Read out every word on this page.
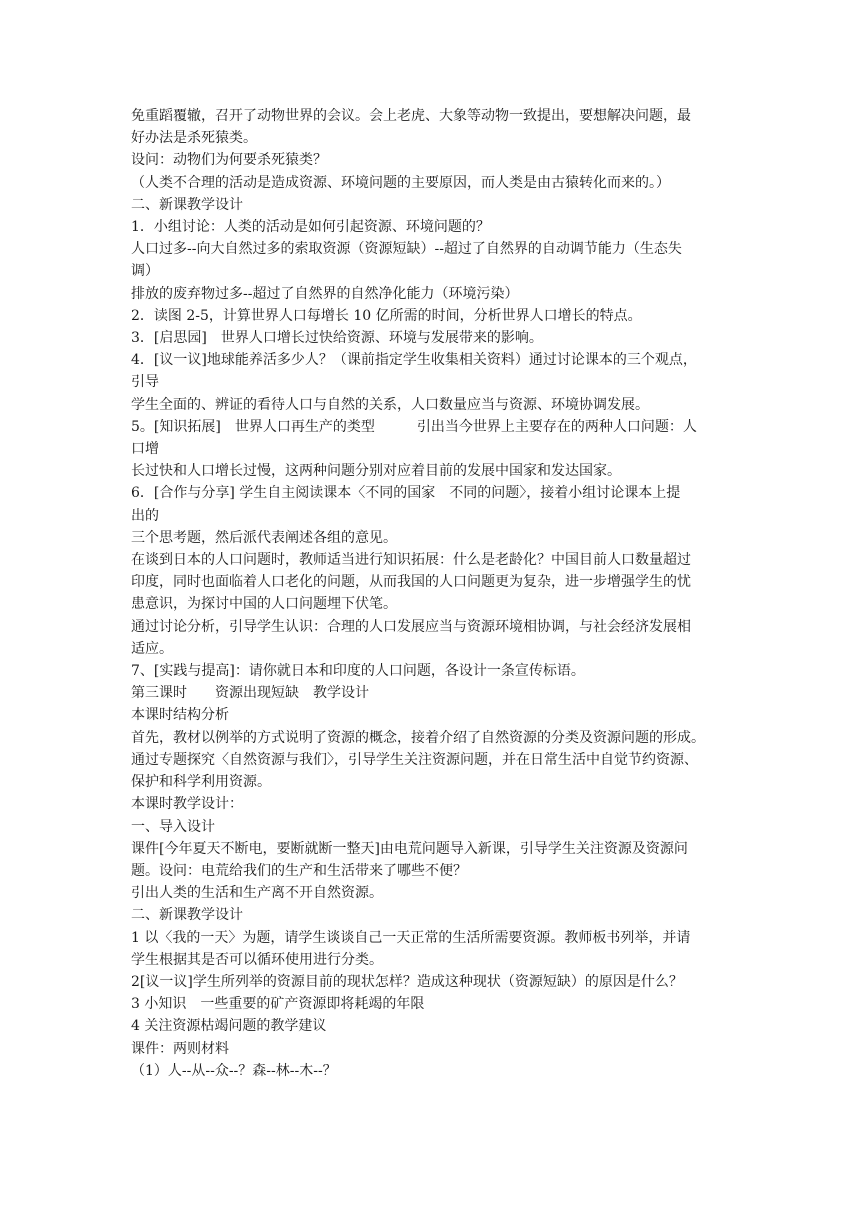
免重蹈覆辙，召开了动物世界的会议。会上老虎、大象等动物一致提出，要想解决问题，最

好办法是杀死猿类。

设问：动物们为何要杀死猿类？

（人类不合理的活动是造成资源、环境问题的主要原因，而人类是由古猿转化而来的。）

二、新课教学设计

1．小组讨论：人类的活动是如何引起资源、环境问题的？

人口过多--向大自然过多的索取资源（资源短缺）--超过了自然界的自动调节能力（生态失

调）

排放的废弃物过多--超过了自然界的自然净化能力（环境污染）

2．读图 2-5，计算世界人口每增长 10 亿所需的时间，分析世界人口增长的特点。

3．[启思园]　世界人口增长过快给资源、环境与发展带来的影响。

4．[议一议]地球能养活多少人？（课前指定学生收集相关资料）通过讨论课本的三个观点，

引导

学生全面的、辨证的看待人口与自然的关系，人口数量应当与资源、环境协调发展。

5。[知识拓展]　世界人口再生产的类型　　　引出当今世界上主要存在的两种人口问题：人

口增

长过快和人口增长过慢，这两种问题分别对应着目前的发展中国家和发达国家。

6．[合作与分享] 学生自主阅读课本〈不同的国家　不同的问题〉，接着小组讨论课本上提

出的

三个思考题，然后派代表阐述各组的意见。

在谈到日本的人口问题时，教师适当进行知识拓展：什么是老龄化？中国目前人口数量超过

印度，同时也面临着人口老化的问题，从而我国的人口问题更为复杂，进一步增强学生的忧

患意识，为探讨中国的人口问题埋下伏笔。

通过讨论分析，引导学生认识：合理的人口发展应当与资源环境相协调，与社会经济发展相

适应。

7、[实践与提高]：请你就日本和印度的人口问题，各设计一条宣传标语。

第三课时　　资源出现短缺　教学设计

本课时结构分析

首先，教材以例举的方式说明了资源的概念，接着介绍了自然资源的分类及资源问题的形成。

通过专题探究〈自然资源与我们〉，引导学生关注资源问题，并在日常生活中自觉节约资源、

保护和科学利用资源。

本课时教学设计：

一、导入设计

课件[今年夏天不断电，要断就断一整天]由电荒问题导入新课，引导学生关注资源及资源问

题。设问：电荒给我们的生产和生活带来了哪些不便？

引出人类的生活和生产离不开自然资源。

二、新课教学设计

1 以〈我的一天〉为题，请学生谈谈自己一天正常的生活所需要资源。教师板书列举，并请

学生根据其是否可以循环使用进行分类。

2[议一议]学生所列举的资源目前的现状怎样？造成这种现状（资源短缺）的原因是什么？

3 小知识　一些重要的矿产资源即将耗竭的年限

4 关注资源枯竭问题的教学建议

课件：两则材料

（1）人--从--众--？森--林--木--？
